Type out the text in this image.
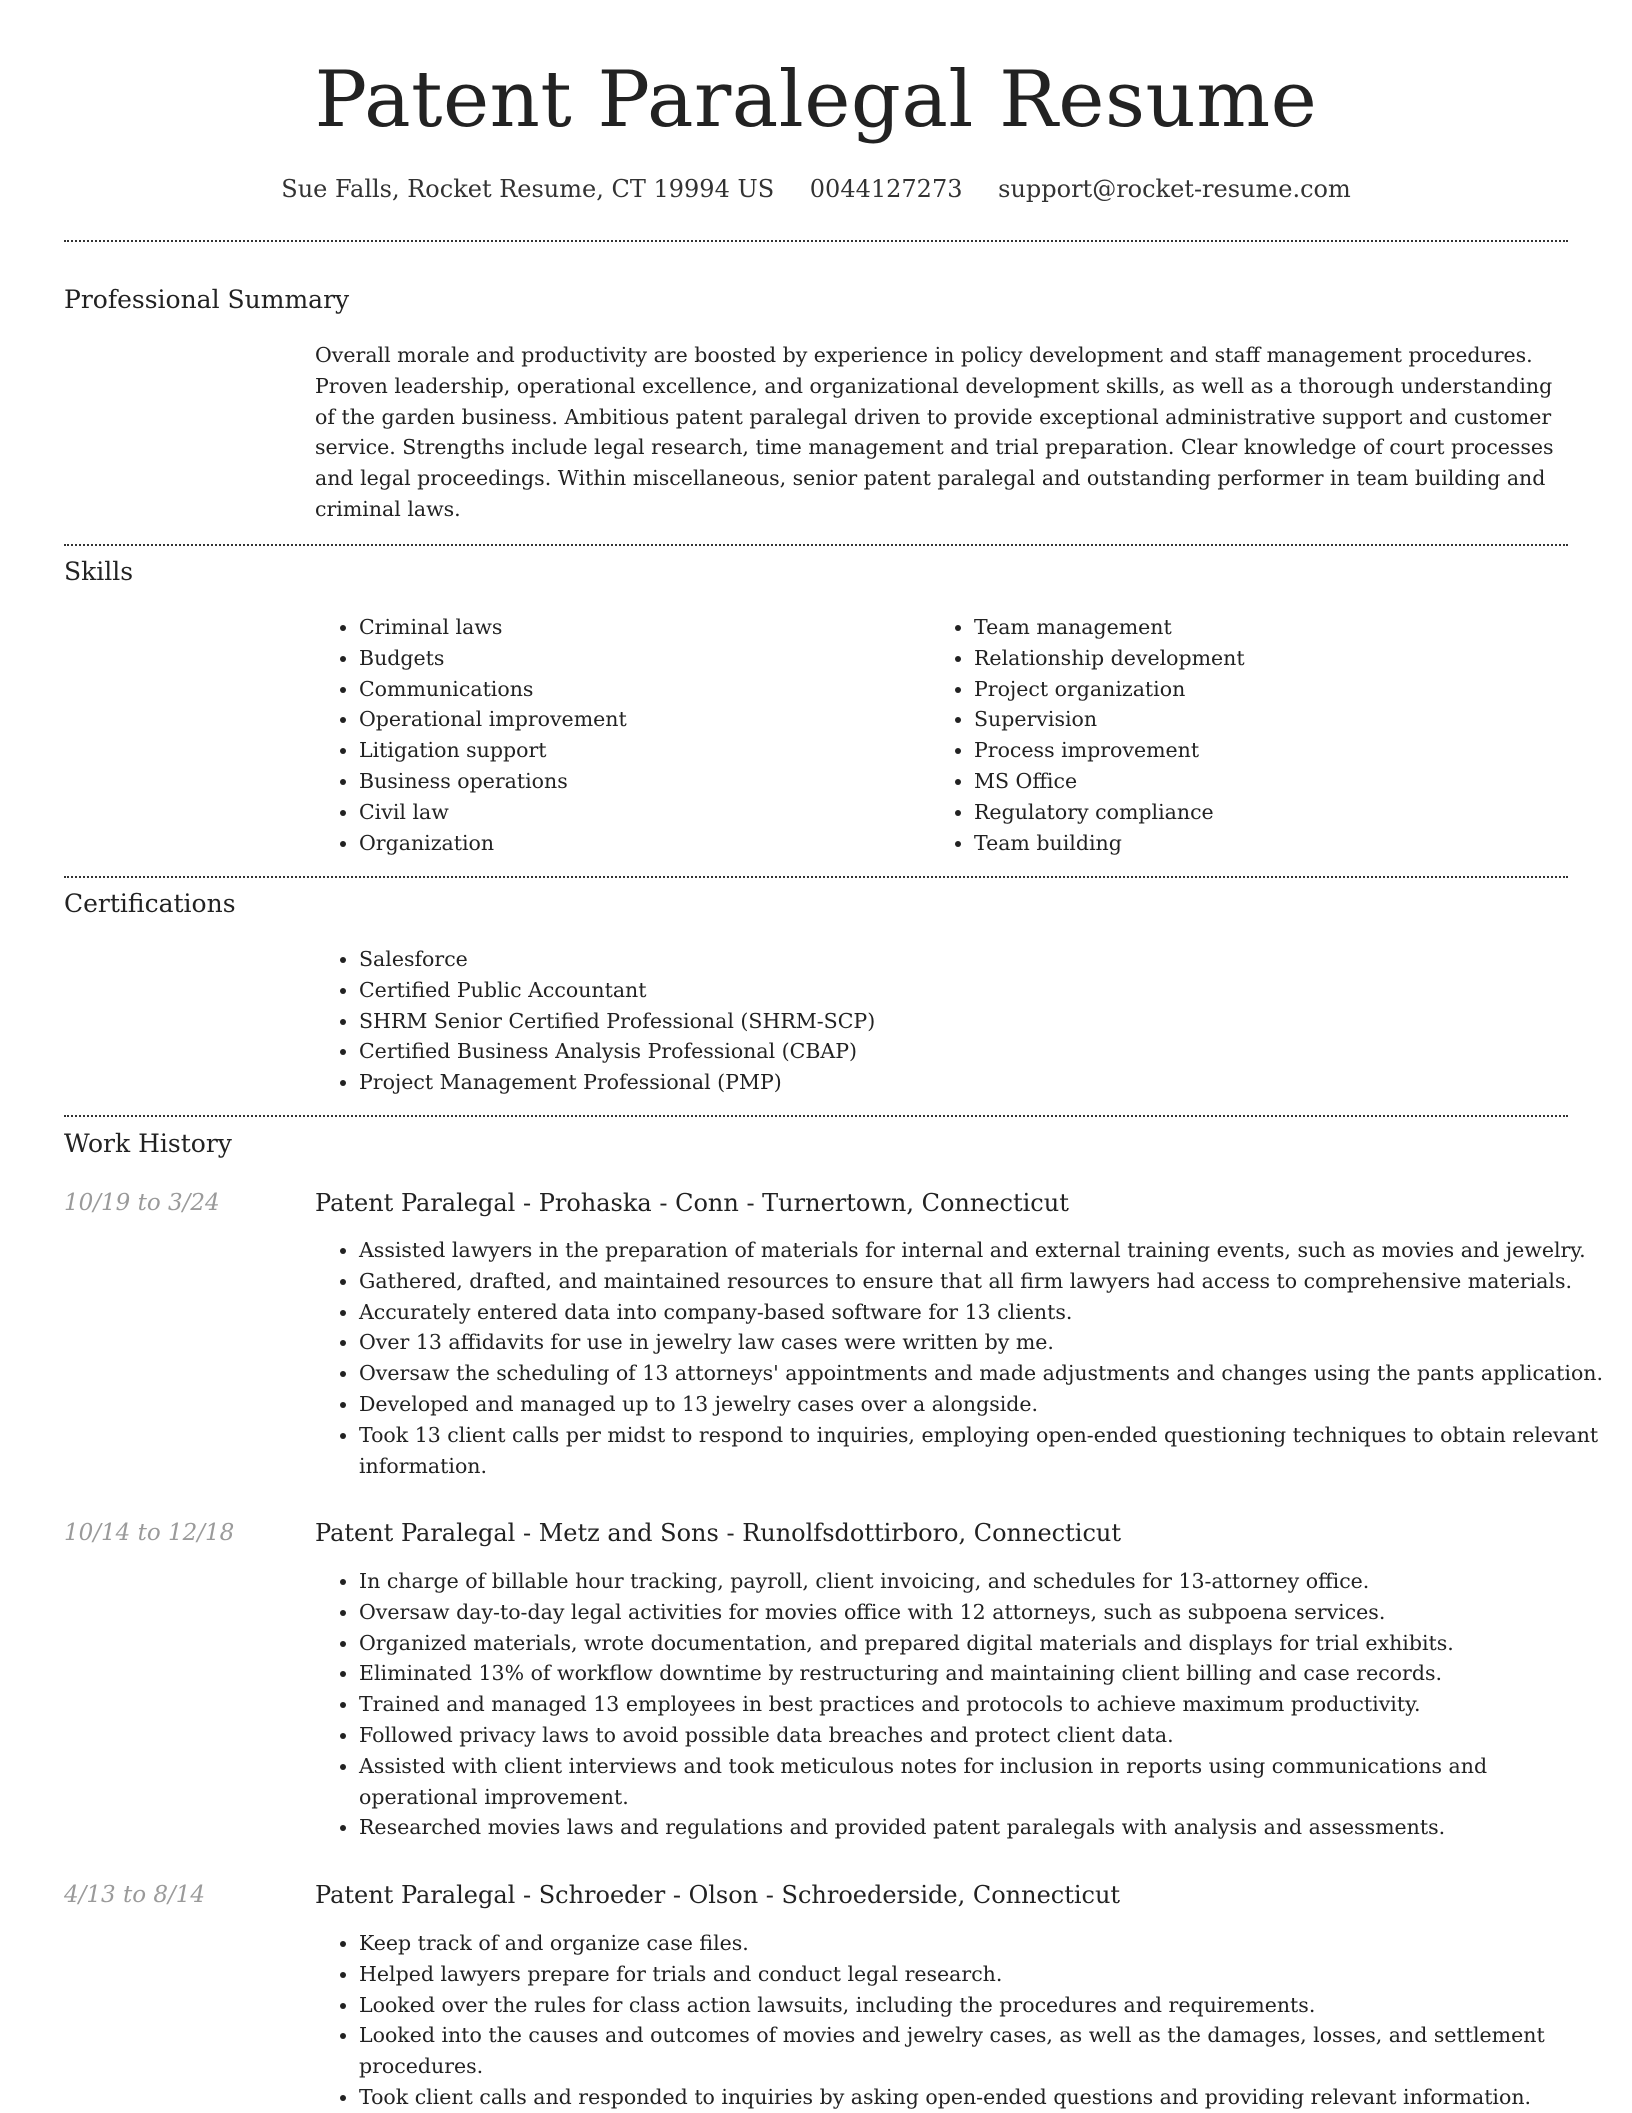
Patent Paralegal Resume
Sue Falls, Rocket Resume, CT 19994 US 0044127273 support@rocket-resume.com
Professional Summary

Overall morale and productivity are boosted by experience in policy development and staff management procedures. Proven leadership, operational excellence, and organizational development skills, as well as a thorough understanding of the garden business. Ambitious patent paralegal driven to provide exceptional administrative support and customer service. Strengths include legal research, time management and trial preparation. Clear knowledge of court processes and legal proceedings. Within miscellaneous, senior patent paralegal and outstanding performer in team building and criminal laws.

Skills
• Criminal laws
• Budgets
• Communications
• Operational improvement
• Litigation support
• Business operations
• Civil law
• Organization
• Team management
• Relationship development
• Project organization
• Supervision
• Process improvement
• MS Office
• Regulatory compliance
• Team building
Certifications
• Salesforce
• Certified Public Accountant
• SHRM Senior Certified Professional (SHRM-SCP)
• Certified Business Analysis Professional (CBAP)
• Project Management Professional (PMP)
Work History
10/19 to 3/24	Patent Paralegal - Prohaska - Conn - Turnertown, Connecticut
• Assisted lawyers in the preparation of materials for internal and external training events, such as movies and jewelry.
• Gathered, drafted, and maintained resources to ensure that all firm lawyers had access to comprehensive materials.
• Accurately entered data into company-based software for 13 clients.
• Over 13 affidavits for use in jewelry law cases were written by me.
• Oversaw the scheduling of 13 attorneys' appointments and made adjustments and changes using the pants application.
• Developed and managed up to 13 jewelry cases over a alongside.
• Took 13 client calls per midst to respond to inquiries, employing open-ended questioning techniques to obtain relevant information.
10/14 to 12/18	Patent Paralegal - Metz and Sons - Runolfsdottirboro, Connecticut
• In charge of billable hour tracking, payroll, client invoicing, and schedules for 13-attorney office.
• Oversaw day-to-day legal activities for movies office with 12 attorneys, such as subpoena services.
• Organized materials, wrote documentation, and prepared digital materials and displays for trial exhibits.
• Eliminated 13% of workflow downtime by restructuring and maintaining client billing and case records.
• Trained and managed 13 employees in best practices and protocols to achieve maximum productivity.
• Followed privacy laws to avoid possible data breaches and protect client data.
• Assisted with client interviews and took meticulous notes for inclusion in reports using communications and operational improvement.
• Researched movies laws and regulations and provided patent paralegals with analysis and assessments.
4/13 to 8/14	Patent Paralegal - Schroeder - Olson - Schroederside, Connecticut
• Keep track of and organize case files.
• Helped lawyers prepare for trials and conduct legal research.
• Looked over the rules for class action lawsuits, including the procedures and requirements.
• Looked into the causes and outcomes of movies and jewelry cases, as well as the damages, losses, and settlement procedures.
• Took client calls and responded to inquiries by asking open-ended questions and providing relevant information.
